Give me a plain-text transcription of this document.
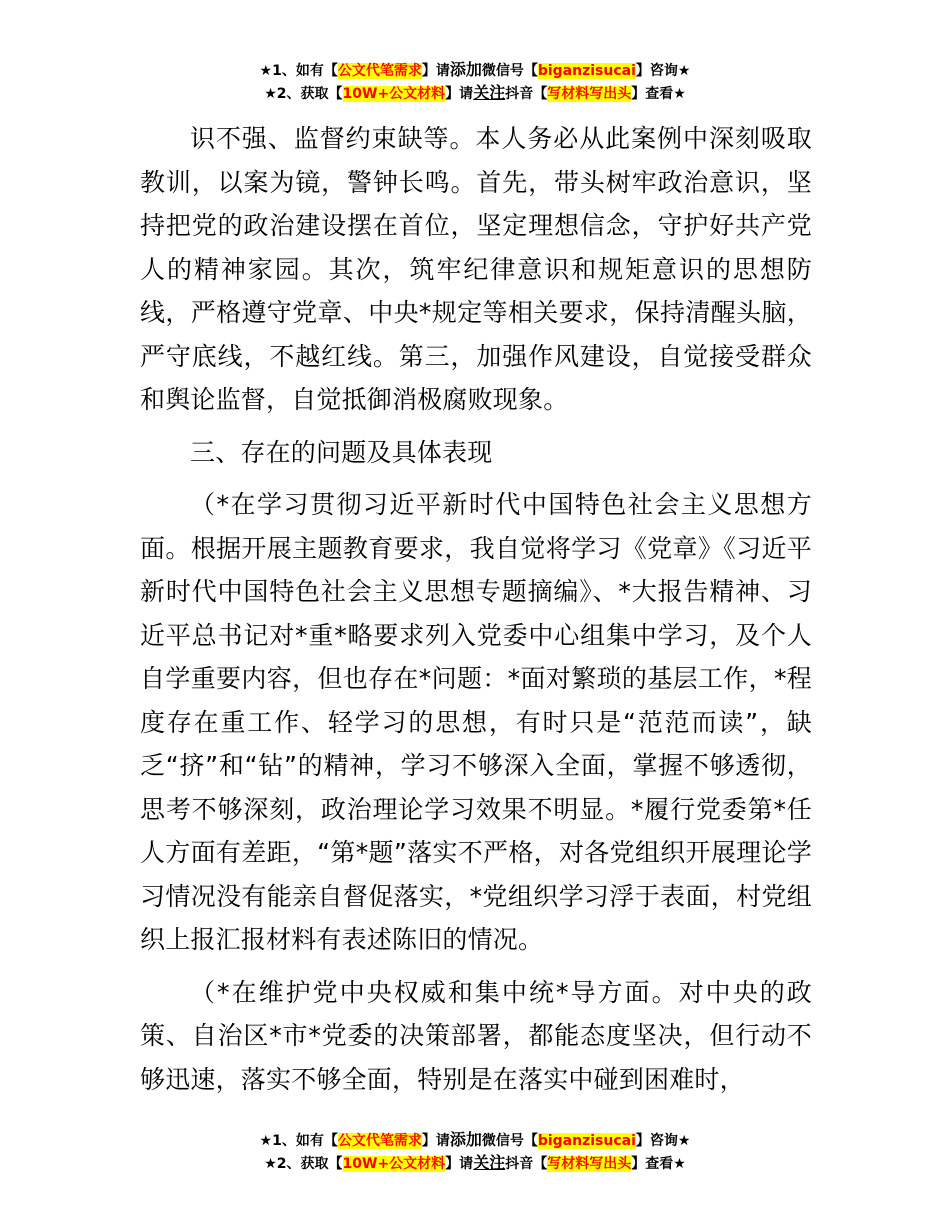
★1、如有【公文代笔需求】请添加微信号【biganzisucai】咨询★
★2、获取【10W+公文材料】请关注抖音【写材料写出头】查看★

识不强、监督约束缺等。本人务必从此案例中深刻吸取教训，以案为镜，警钟长鸣。首先，带头树牢政治意识，坚持把党的政治建设摆在首位，坚定理想信念，守护好共产党人的精神家园。其次，筑牢纪律意识和规矩意识的思想防线，严格遵守党章、中央*规定等相关要求，保持清醒头脑，严守底线，不越红线。第三，加强作风建设，自觉接受群众和舆论监督，自觉抵御消极腐败现象。

三、存在的问题及具体表现

（*在学习贯彻习近平新时代中国特色社会主义思想方面。根据开展主题教育要求，我自觉将学习《党章》《习近平新时代中国特色社会主义思想专题摘编》、*大报告精神、习近平总书记对*重*略要求列入党委中心组集中学习，及个人自学重要内容，但也存在*问题：*面对繁琐的基层工作，*程度存在重工作、轻学习的思想，有时只是“范范而读”，缺乏“挤”和“钻”的精神，学习不够深入全面，掌握不够透彻，思考不够深刻，政治理论学习效果不明显。*履行党委第*任人方面有差距，“第*题”落实不严格，对各党组织开展理论学习情况没有能亲自督促落实，*党组织学习浮于表面，村党组织上报汇报材料有表述陈旧的情况。

（*在维护党中央权威和集中统*导方面。对中央的政策、自治区*市*党委的决策部署，都能态度坚决，但行动不够迅速，落实不够全面，特别是在落实中碰到困难时，

★1、如有【公文代笔需求】请添加微信号【biganzisucai】咨询★
★2、获取【10W+公文材料】请关注抖音【写材料写出头】查看★
